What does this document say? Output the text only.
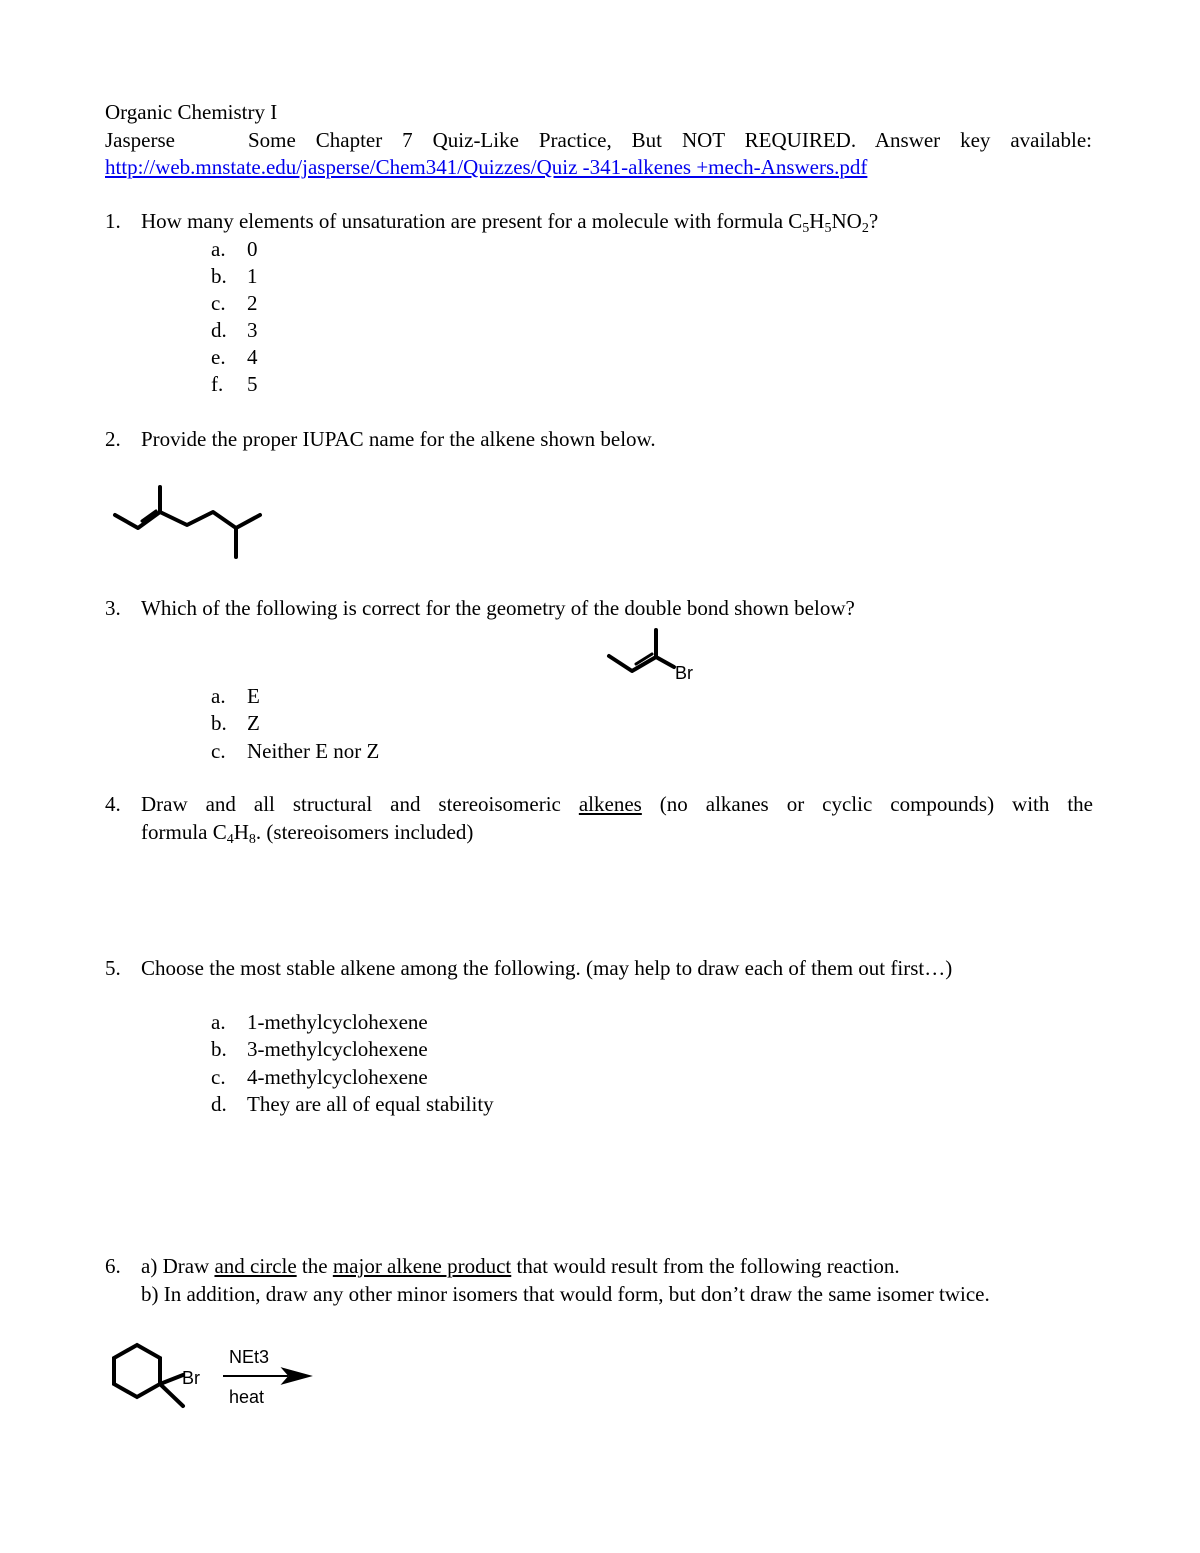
Organic Chemistry I
Jasperse	Some Chapter 7 Quiz-Like Practice, But NOT REQUIRED. Answer key available:
http://web.mnstate.edu/jasperse/Chem341/Quizzes/Quiz -341-alkenes +mech-Answers.pdf
1. How many elements of unsaturation are present for a molecule with formula $C_5H_5NO_2$?
a. 0
b. 1
c. 2
d. 3
e. 4
f. 5
2. Provide the proper IUPAC name for the alkene shown below.
3. Which of the following is correct for the geometry of the double bond shown below?
Br
a. E
b. Z
c. Neither E nor Z
4. Draw and all structural and stereoisomeric alkenes (no alkanes or cyclic compounds) with the
formula $C_4H_8$. (stereoisomers included)
5. Choose the most stable alkene among the following. (may help to draw each of them out first…)
a. 1-methylcyclohexene
b. 3-methylcyclohexene
c. 4-methylcyclohexene
d. They are all of equal stability
6. a) Draw and circle the major alkene product that would result from the following reaction.
b) In addition, draw any other minor isomers that would form, but don’t draw the same isomer twice.
Br
NEt3
heat
